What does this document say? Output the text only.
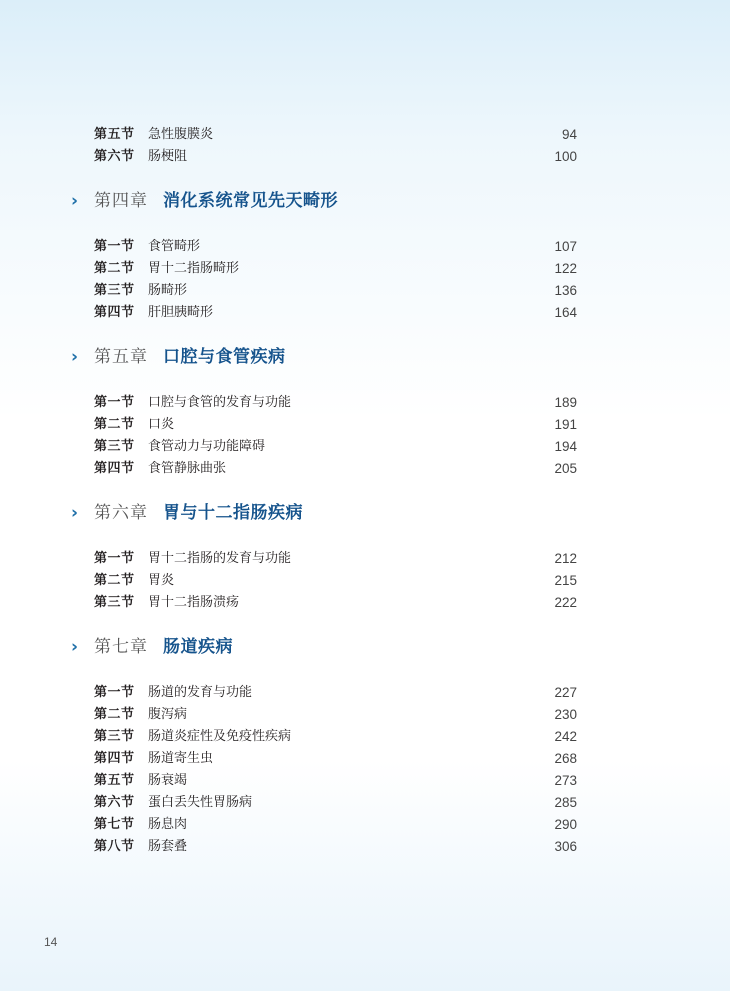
第五节 急性腹膜炎	94
第六节 肠梗阻	100
› 第四章 消化系统常见先天畸形
第一节 食管畸形	107
第二节 胃十二指肠畸形	122
第三节 肠畸形	136
第四节 肝胆胰畸形	164
› 第五章 口腔与食管疾病
第一节 口腔与食管的发育与功能	189
第二节 口炎	191
第三节 食管动力与功能障碍	194
第四节 食管静脉曲张	205
› 第六章 胃与十二指肠疾病
第一节 胃十二指肠的发育与功能	212
第二节 胃炎	215
第三节 胃十二指肠溃疡	222
› 第七章 肠道疾病
第一节 肠道的发育与功能	227
第二节 腹泻病	230
第三节 肠道炎症性及免疫性疾病	242
第四节 肠道寄生虫	268
第五节 肠衰竭	273
第六节 蛋白丢失性胃肠病	285
第七节 肠息肉	290
第八节 肠套叠	306
14
